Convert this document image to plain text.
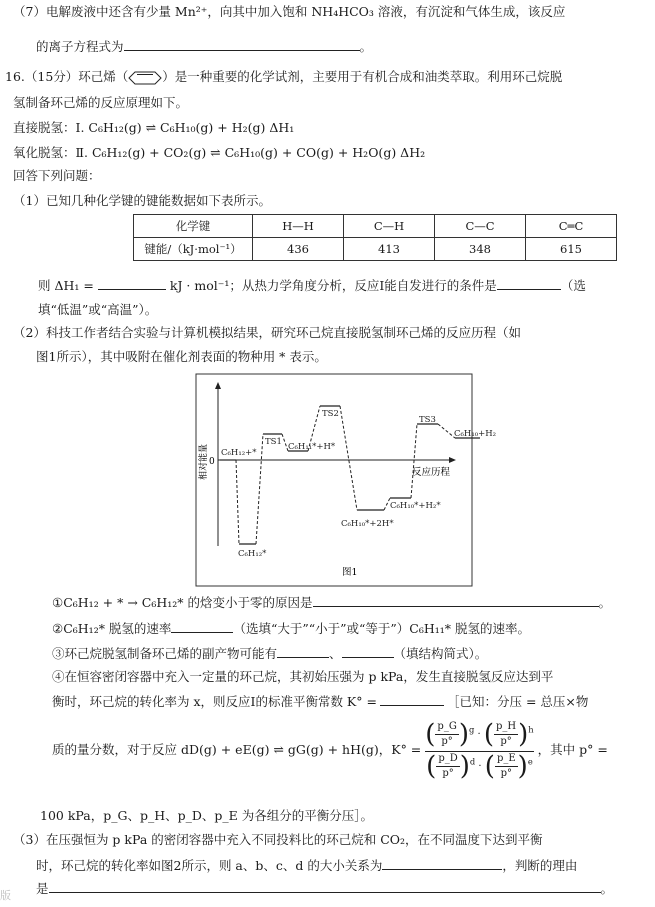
（7）电解废液中还含有少量 Mn²⁺，向其中加入饱和 NH₄HCO₃ 溶液，有沉淀和气体生成，该反应
的离子方程式为	。
16.（15分）环己烯（	）是一种重要的化学试剂，主要用于有机合成和油类萃取。利用环己烷脱
氢制备环己烯的反应原理如下。
直接脱氢：Ⅰ. C₆H₁₂(g) ⇌ C₆H₁₀(g) + H₂(g) ΔH₁
氧化脱氢：Ⅱ. C₆H₁₂(g) + CO₂(g) ⇌ C₆H₁₀(g) + CO(g) + H₂O(g) ΔH₂
回答下列问题：
（1）已知几种化学键的键能数据如下表所示。
化学键	H—H	C—H	C—C	C═C
键能/（kJ·mol⁻¹）	436	413	348	615
则 ΔH₁ =	kJ · mol⁻¹；从热力学角度分析，反应Ⅰ能自发进行的条件是	（选
填“低温”或“高温”）。
（2）科技工作者结合实验与计算机模拟结果，研究环己烷直接脱氢制环己烯的反应历程（如
图1所示），其中吸附在催化剂表面的物种用 * 表示。
相对能量 0
反应历程
C₆H₁₂+*
C₆H₁₂*
TS1 C₆H₁₁*+H*
TS2
C₆H₁₀*+2H*
C₆H₁₀*+H₂*
TS3
C₆H₁₀+H₂
图1
①C₆H₁₂ + * → C₆H₁₂* 的焓变小于零的原因是	。
②C₆H₁₂* 脱氢的速率	（选填“大于”“小于”或“等于”）C₆H₁₁* 脱氢的速率。
③环己烷脱氢制备环己烯的副产物可能有	、	（填结构简式）。
④在恒容密闭容器中充入一定量的环己烷，其初始压强为 p kPa，发生直接脱氢反应达到平
衡时，环己烷的转化率为 x，则反应Ⅰ的标准平衡常数 K° =	［已知：分压 = 总压×物
质的量分数，对于反应 dD(g) + eE(g) ⇌ gG(g) + hH(g)，$K^\circ = \frac{( \frac{p\_G}{p^\circ} )^g \cdot ( \frac{p\_H}{p^\circ} )^h}{( \frac{p\_D}{p^\circ} )^d \cdot ( \frac{p\_E}{p^\circ} )^e}$ ，其中 p° =
100 kPa，p_G、p_H、p_D、p_E 为各组分的平衡分压］。
（3）在压强恒为 p kPa 的密闭容器中充入不同投料比的环己烷和 CO₂，在不同温度下达到平衡
时，环己烷的转化率如图2所示，则 a、b、c、d 的大小关系为	，判断的理由
是	。
版
